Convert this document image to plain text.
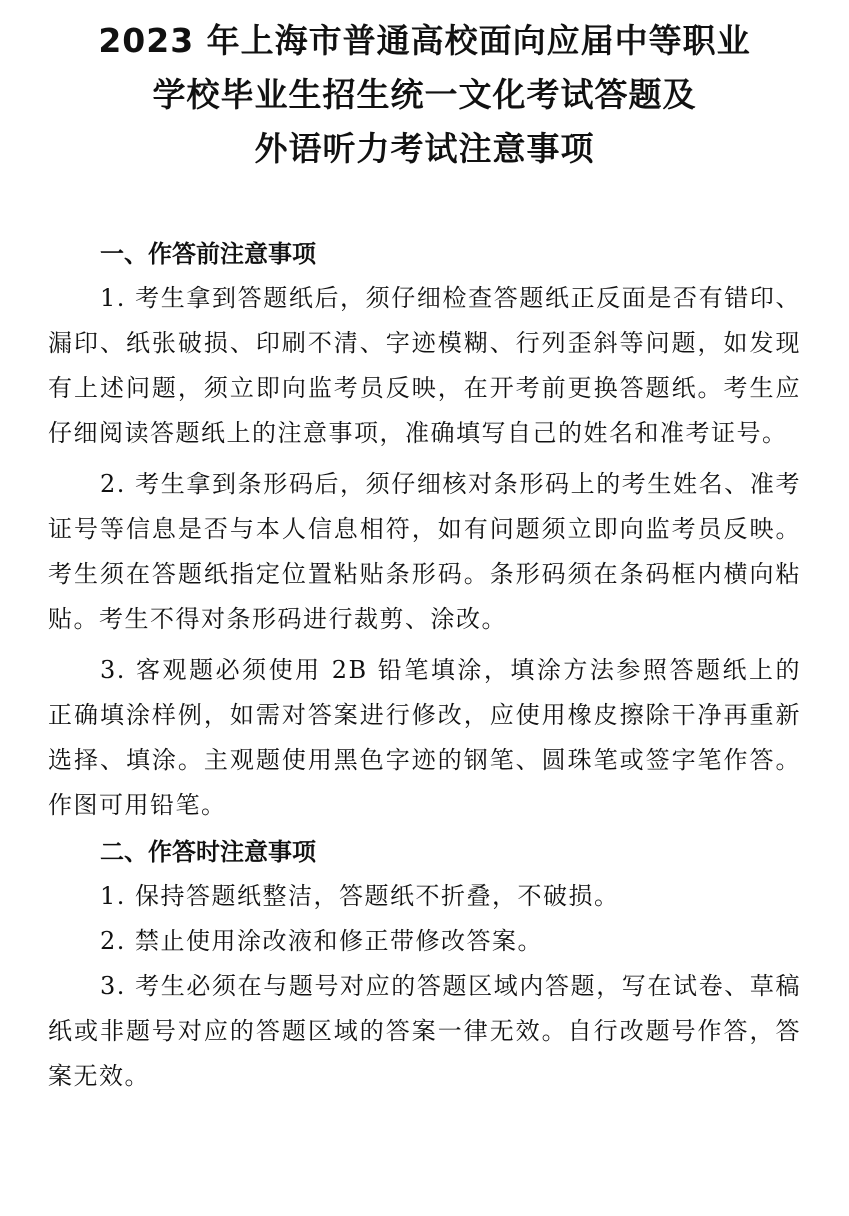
2023 年上海市普通高校面向应届中等职业
学校毕业生招生统一文化考试答题及
外语听力考试注意事项
一、作答前注意事项

1. 考生拿到答题纸后，须仔细检查答题纸正反面是否有错印、漏印、纸张破损、印刷不清、字迹模糊、行列歪斜等问题，如发现有上述问题，须立即向监考员反映，在开考前更换答题纸。考生应仔细阅读答题纸上的注意事项，准确填写自己的姓名和准考证号。

2. 考生拿到条形码后，须仔细核对条形码上的考生姓名、准考证号等信息是否与本人信息相符，如有问题须立即向监考员反映。考生须在答题纸指定位置粘贴条形码。条形码须在条码框内横向粘贴。考生不得对条形码进行裁剪、涂改。

3. 客观题必须使用 2B 铅笔填涂，填涂方法参照答题纸上的正确填涂样例，如需对答案进行修改，应使用橡皮擦除干净再重新选择、填涂。主观题使用黑色字迹的钢笔、圆珠笔或签字笔作答。作图可用铅笔。

二、作答时注意事项

1. 保持答题纸整洁，答题纸不折叠，不破损。

2. 禁止使用涂改液和修正带修改答案。

3. 考生必须在与题号对应的答题区域内答题，写在试卷、草稿纸或非题号对应的答题区域的答案一律无效。自行改题号作答，答案无效。
